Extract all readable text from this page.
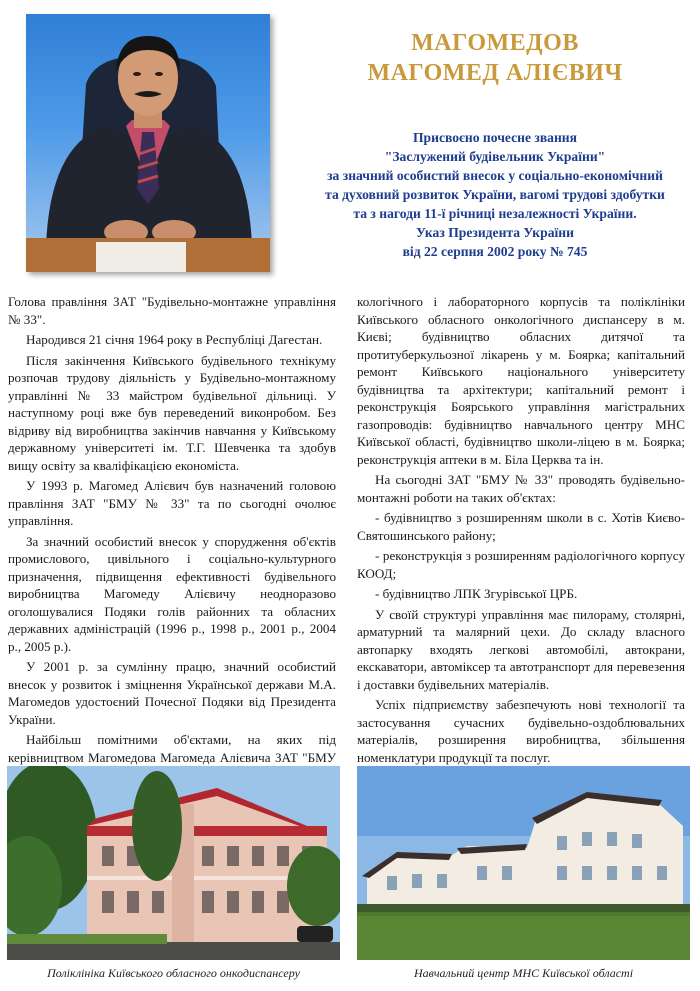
МАГОМЕДОВ
МАГОМЕД АЛІЄВИЧ
Присвоєно почесне звання
"Заслужений будівельник України"
за значний особистий внесок у соціально-економічний
та духовний розвиток України, вагомі трудові здобутки
та з нагоди 11-ї річниці незалежності України.
Указ Президента України
від 22 серпня 2002 року № 745

Голова правління ЗАТ "Будівельно-монтажне управління № 33".

Народився 21 січня 1964 року в Республіці Дагестан.

Після закінчення Київського будівельного технікуму розпочав трудову діяльність у Будівельно-монтажному управлінні № 33 майстром будівельної дільниці. У наступному році вже був переведений виконробом. Без відриву від виробництва закінчив навчання у Київському державному університеті ім. Т.Г. Шевченка та здобув вищу освіту за кваліфікацією економіста.

У 1993 р. Магомед Алієвич був назначений головою правління ЗАТ "БМУ № 33" та по сьогодні очолює управління.

За значний особистий внесок у спорудження об'єктів промислового, цивільного і соціально-культурного призначення, підвищення ефективності будівельного виробництва Магомеду Алієвичу неодноразово оголошувалися Подяки голів районних та обласних державних адміністрацій (1996 р., 1998 р., 2001 р., 2004 р., 2005 р.).

У 2001 р. за сумлінну працю, значний особистий внесок у розвиток і зміцнення Української держави М.А. Магомедов удостоєний Почесної Подяки від Президента України.

Найбільш помітними об'єктами, на яких під керівництвом Магомедова Магомеда Алієвича ЗАТ "БМУ

кологічного і лабораторного корпусів та поліклініки Київського обласного онкологічного диспансеру в м. Києві; будівництво обласних дитячої та протитуберкульозної лікарень у м. Боярка; капітальний ремонт Київського національного університету будівництва та архітектури; капітальний ремонт і реконструкція Боярського управління магістральних газопроводів: будівництво навчального центру МНС Київської області, будівництво школи-ліцею в м. Боярка; реконструкція аптеки в м. Біла Церква та ін.

На сьогодні ЗАТ "БМУ № 33" проводять будівельно-монтажні роботи на таких об'єктах:

- будівництво з розширенням школи в с. Хотів Києво-Святошинського району;

- реконструкція з розширенням радіологічного корпусу КООД;

- будівництво ЛПК Згурівської ЦРБ.

У своїй структурі управління має пилораму, столярні, арматурний та малярний цехи. До складу власного автопарку входять легкові автомобілі, автокрани, екскаватори, автоміксер та автотранспорт для перевезення і доставки будівельних матеріалів.

Успіх підприємству забезпечують нові технології та застосування сучасних будівельно-оздоблювальних матеріалів, розширення виробництва, збільшення номенклатури продукції та послуг.

Поліклініка Київського обласного онкодиспансеру	Навчальний центр МНС Київської області
